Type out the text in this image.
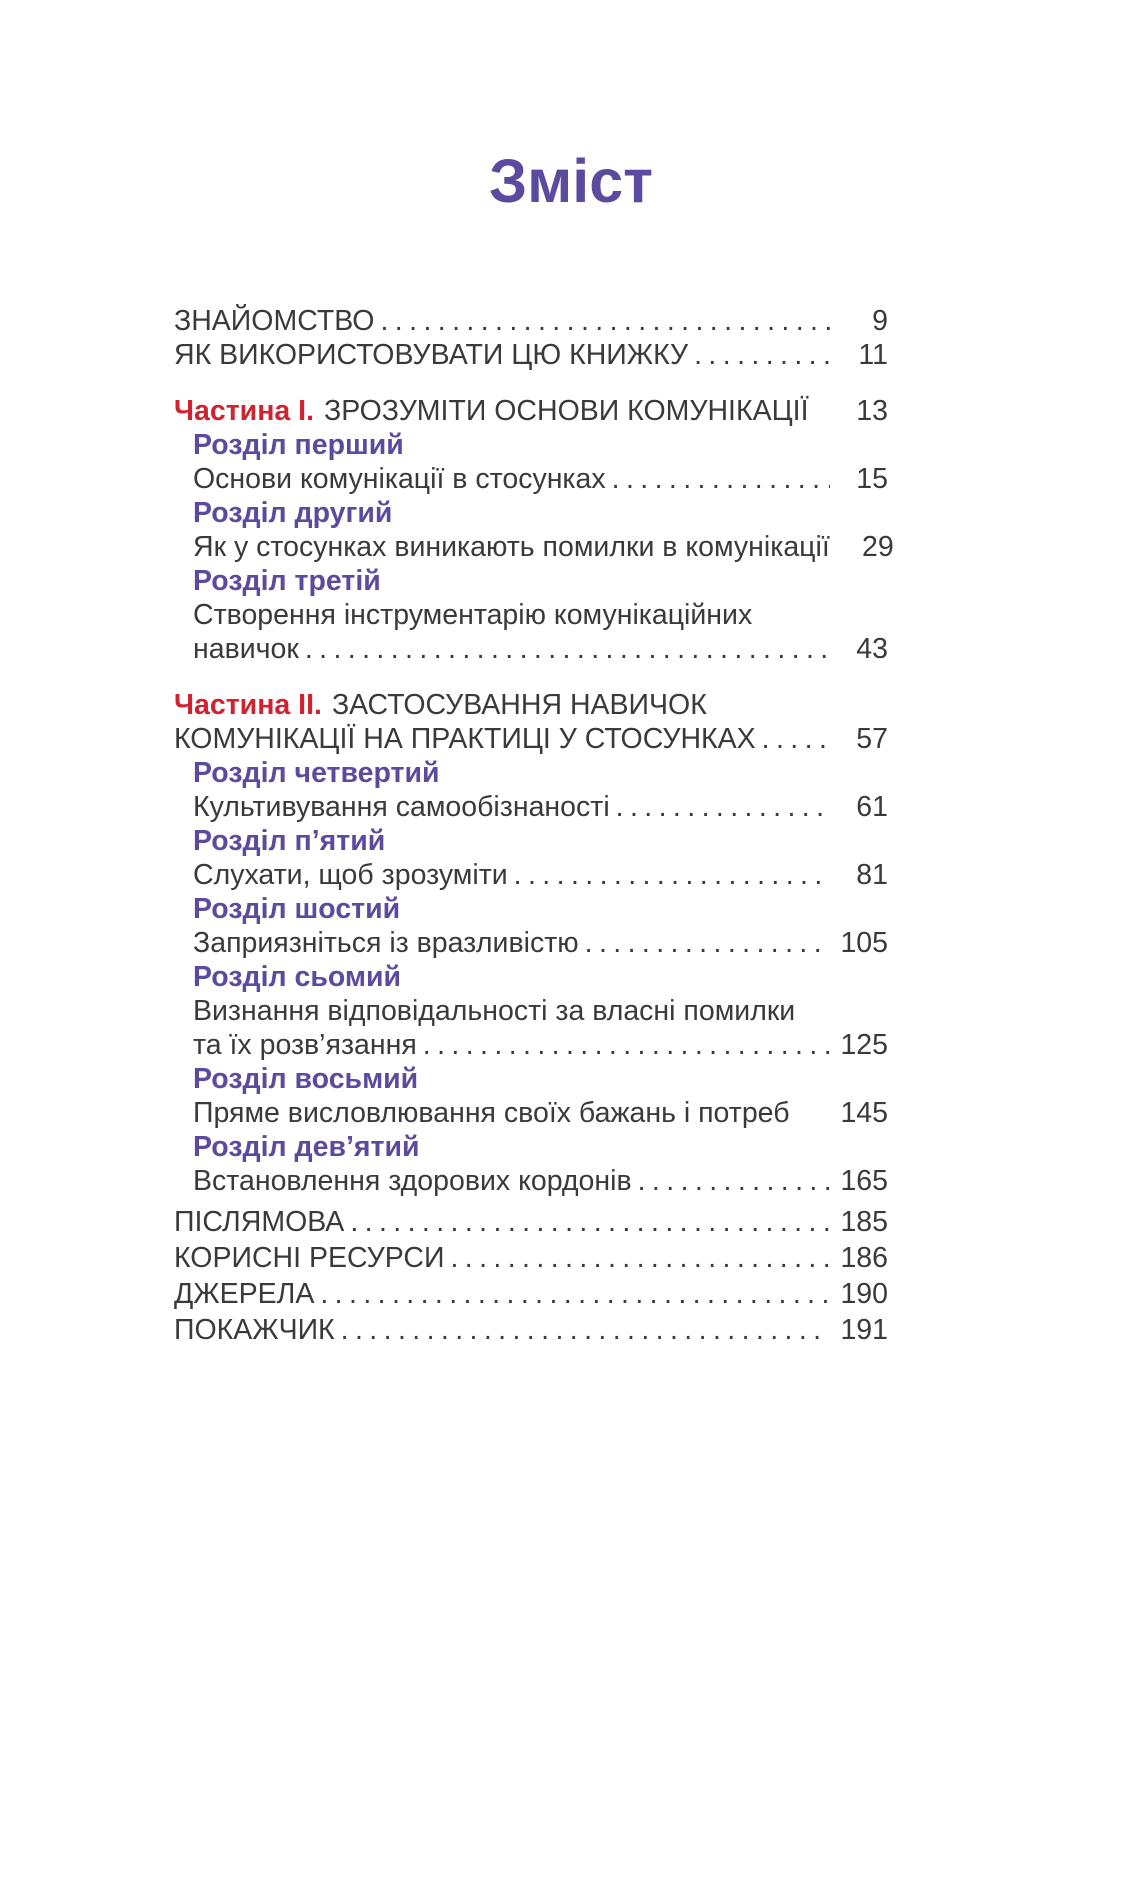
Зміст
ЗНАЙОМСТВО .....	9
ЯК ВИКОРИСТОВУВАТИ ЦЮ КНИЖКУ .....	11
Частина I. ЗРОЗУМІТИ ОСНОВИ КОМУНІКАЦІЇ	13
Розділ перший
Основи комунікації в стосунках .....	15
Розділ другий
Як у стосунках виникають помилки в комунікації	29
Розділ третій
Створення інструментарію комунікаційних
навичок .....	43
Частина II. ЗАСТОСУВАННЯ НАВИЧОК
КОМУНІКАЦІЇ НА ПРАКТИЦІ У СТОСУНКАХ .....	57
Розділ четвертий
Культивування самообізнаності .....	61
Розділ п’ятий
Слухати, щоб зрозуміти .....	81
Розділ шостий
Заприязніться із вразливістю .....	105
Розділ сьомий
Визнання відповідальності за власні помилки
та їх розв’язання .....	125
Розділ восьмий
Пряме висловлювання своїх бажань і потреб 145
Розділ дев’ятий
Встановлення здорових кордонів .....	165
ПІСЛЯМОВА .....	185
КОРИСНІ РЕСУРСИ .....	186
ДЖЕРЕЛА .....	190
ПОКАЖЧИК .....	191
